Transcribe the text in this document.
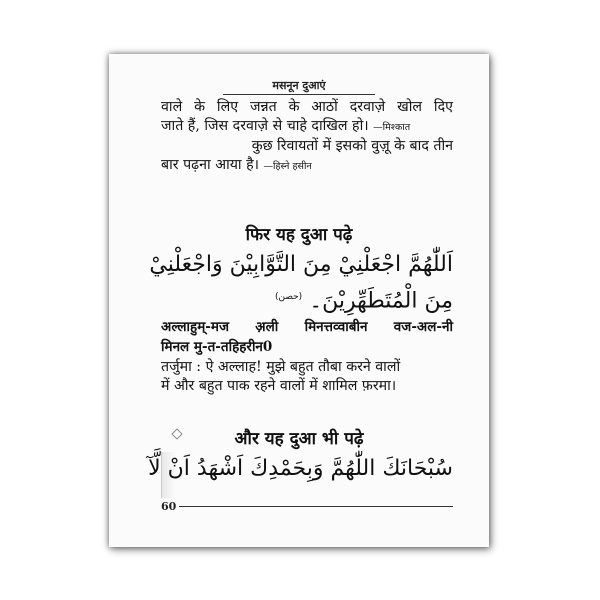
मसनून दुआएं
वाले के लिए जन्नत के आठों दरवाज़े खोल दिए
जाते हैं, जिस दरवाज़े से चाहे दाखिल हो। —मिश्कात
कुछ रिवायतों में इसको वुज़ू के बाद तीन
बार पढ़ना आया है। —हिस्ने हसीन
फिर यह दुआ पढ़े
اَللّٰهُمَّ اجْعَلْنِيْ مِنَ التَّوَّابِيْنَ وَاجْعَلْنِيْ
مِنَ الْمُتَطَهِّرِيْنَ۔ $^{(حصن)}$
अल्लाहुम्-मज अ़ली मिनत्तव्वाबीन वज-अल-नी
मिनल मु-त-तहिहरीन0
तर्जुमा : ऐ अल्लाह! मुझे बहुत तौबा करने वालों
में और बहुत पाक रहने वालों में शामिल फ़रमा।
और यह दुआ भी पढ़े
سُبْحَانَكَ اللّٰهُمَّ وَبِحَمْدِكَ اَشْهَدُ اَنْ لَّآ
60
